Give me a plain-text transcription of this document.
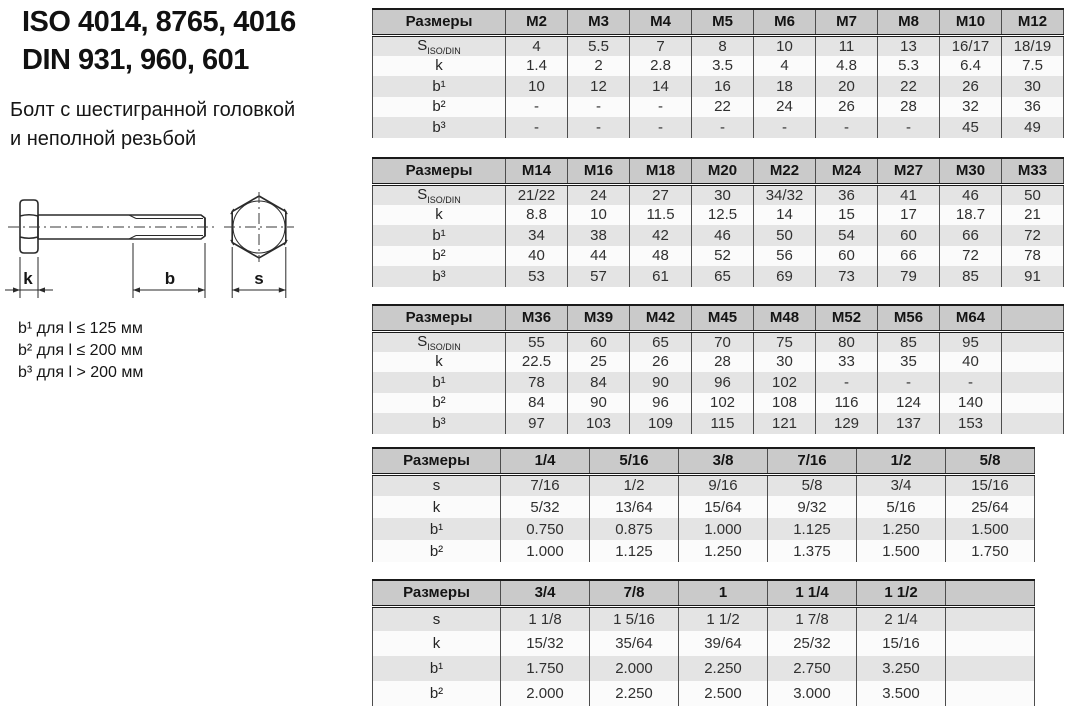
ISO 4014, 8765, 4016
DIN 931, 960, 601
Болт с шестигранной головкой
и неполной резьбой
k	b	s
b¹ для l ≤ 125 мм
b² для l ≤ 200 мм
b³ для l > 200 мм
Размеры	M2	M3	M4	M5	M6	M7	M8	M10	M12
$S_{ISO/DIN}$	4	5.5	7	8	10	11	13	16/17	18/19
k	1.4	2	2.8	3.5	4	4.8	5.3	6.4	7.5
b¹	10	12	14	16	18	20	22	26	30
b²	-	-	-	22	24	26	28	32	36
b³	-	-	-	-	-	-	-	45	49
Размеры	M14	M16	M18	M20	M22	M24	M27	M30	M33
$S_{ISO/DIN}$	21/22	24	27	30	34/32	36	41	46	50
k	8.8	10	11.5	12.5	14	15	17	18.7	21
b¹	34	38	42	46	50	54	60	66	72
b²	40	44	48	52	56	60	66	72	78
b³	53	57	61	65	69	73	79	85	91
Размеры	M36	M39	M42	M45	M48	M52	M56	M64	
$S_{ISO/DIN}$	55	60	65	70	75	80	85	95	
k	22.5	25	26	28	30	33	35	40	
b¹	78	84	90	96	102	-	-	-	
b²	84	90	96	102	108	116	124	140	
b³	97	103	109	115	121	129	137	153	
Размеры	1/4	5/16	3/8	7/16	1/2	5/8
s	7/16	1/2	9/16	5/8	3/4	15/16
k	5/32	13/64	15/64	9/32	5/16	25/64
b¹	0.750	0.875	1.000	1.125	1.250	1.500
b²	1.000	1.125	1.250	1.375	1.500	1.750
Размеры	3/4	7/8	1	1 1/4	1 1/2	
s	1 1/8	1 5/16	1 1/2	1 7/8	2 1/4	
k	15/32	35/64	39/64	25/32	15/16	
b¹	1.750	2.000	2.250	2.750	3.250	
b²	2.000	2.250	2.500	3.000	3.500	
